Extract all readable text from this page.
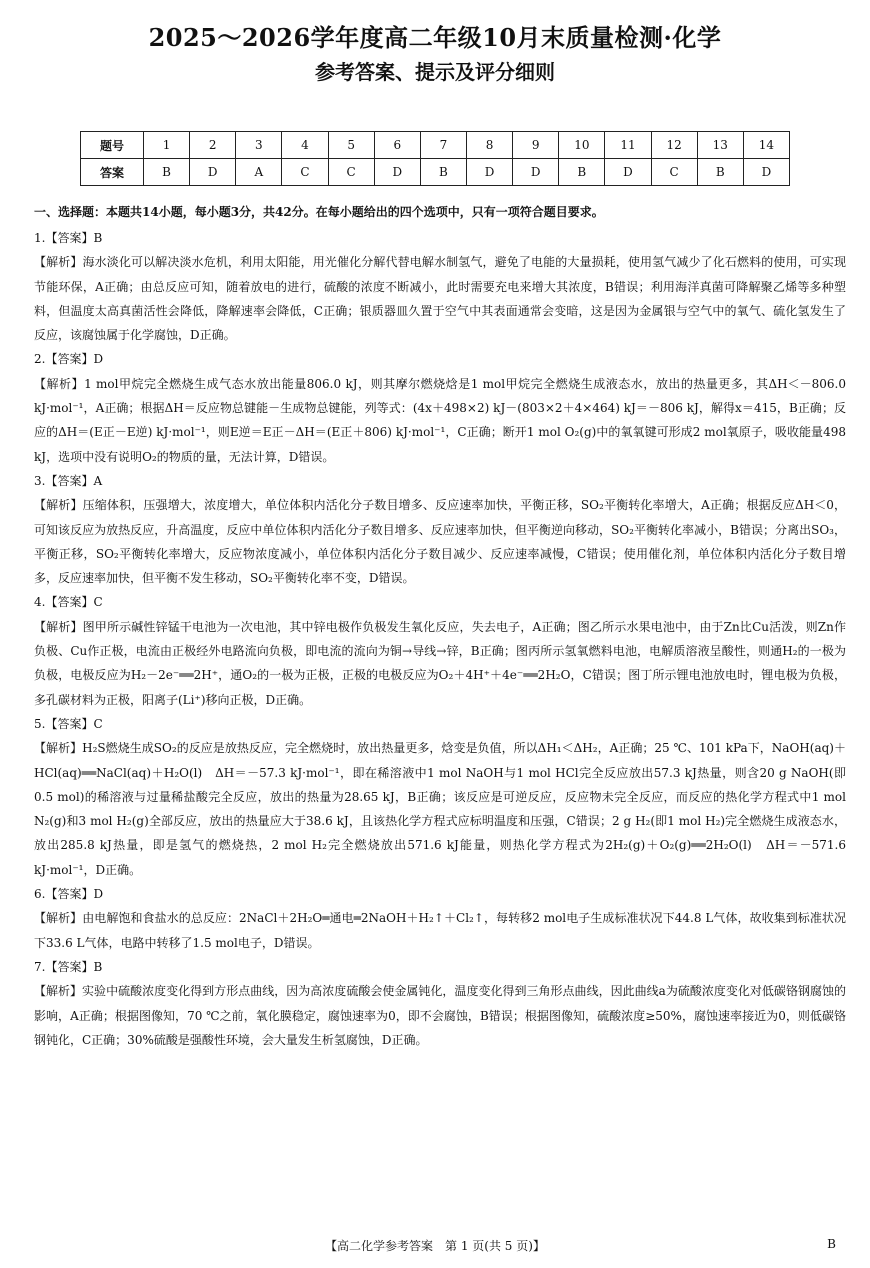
2025～2026学年度高二年级10月末质量检测·化学
参考答案、提示及评分细则
题号	1	2	3	4	5	6	7	8	9	10	11	12	13	14
答案	B	D	A	C	C	D	B	D	D	B	D	C	B	D
一、选择题：本题共14小题，每小题3分，共42分。在每小题给出的四个选项中，只有一项符合题目要求。
1.【答案】B
【解析】海水淡化可以解决淡水危机，利用太阳能，用光催化分解代替电解水制氢气，避免了电能的大量损耗，使用氢气减少了化石燃料的使用，可实现节能环保，A正确；由总反应可知，随着放电的进行，硫酸的浓度不断减小，此时需要充电来增大其浓度，B错误；利用海洋真菌可降解聚乙烯等多种塑料，但温度太高真菌活性会降低，降解速率会降低，C正确；银质器皿久置于空气中其表面通常会变暗，这是因为金属银与空气中的氧气、硫化氢发生了反应，该腐蚀属于化学腐蚀，D正确。
2.【答案】D
【解析】1 mol甲烷完全燃烧生成气态水放出能量806.0 kJ，则其摩尔燃烧焓是1 mol甲烷完全燃烧生成液态水，放出的热量更多，其ΔH＜－806.0 kJ·mol⁻¹，A正确；根据ΔH＝反应物总键能－生成物总键能，列等式：(4x＋498×2) kJ－(803×2＋4×464) kJ＝－806 kJ，解得x＝415，B正确；反应的ΔH＝(E正－E逆) kJ·mol⁻¹，则E逆＝E正－ΔH＝(E正＋806) kJ·mol⁻¹，C正确；断开1 mol O₂(g)中的氧氧键可形成2 mol氧原子，吸收能量498 kJ，选项中没有说明O₂的物质的量，无法计算，D错误。
3.【答案】A
【解析】压缩体积，压强增大，浓度增大，单位体积内活化分子数目增多、反应速率加快，平衡正移，SO₂平衡转化率增大，A正确；根据反应ΔH＜0，可知该反应为放热反应，升高温度，反应中单位体积内活化分子数目增多、反应速率加快，但平衡逆向移动，SO₂平衡转化率减小，B错误；分离出SO₃，平衡正移，SO₂平衡转化率增大，反应物浓度减小，单位体积内活化分子数目减少、反应速率减慢，C错误；使用催化剂，单位体积内活化分子数目增多，反应速率加快，但平衡不发生移动，SO₂平衡转化率不变，D错误。
4.【答案】C
【解析】图甲所示碱性锌锰干电池为一次电池，其中锌电极作负极发生氧化反应，失去电子，A正确；图乙所示水果电池中，由于Zn比Cu活泼，则Zn作负极、Cu作正极，电流由正极经外电路流向负极，即电流的流向为铜→导线→锌，B正确；图丙所示氢氧燃料电池，电解质溶液呈酸性，则通H₂的一极为负极，电极反应为H₂－2e⁻══2H⁺，通O₂的一极为正极，正极的电极反应为O₂＋4H⁺＋4e⁻══2H₂O，C错误；图丁所示锂电池放电时，锂电极为负极，多孔碳材料为正极，阳离子(Li⁺)移向正极，D正确。
5.【答案】C
【解析】H₂S燃烧生成SO₂的反应是放热反应，完全燃烧时，放出热量更多，焓变是负值，所以ΔH₁＜ΔH₂，A正确；25 ℃、101 kPa下，NaOH(aq)＋HCl(aq)══NaCl(aq)＋H₂O(l)　ΔH＝－57.3 kJ·mol⁻¹，即在稀溶液中1 mol NaOH与1 mol HCl完全反应放出57.3 kJ热量，则含20 g NaOH(即0.5 mol)的稀溶液与过量稀盐酸完全反应，放出的热量为28.65 kJ，B正确；该反应是可逆反应，反应物未完全反应，而反应的热化学方程式中1 mol N₂(g)和3 mol H₂(g)全部反应，放出的热量应大于38.6 kJ，且该热化学方程式应标明温度和压强，C错误；2 g H₂(即1 mol H₂)完全燃烧生成液态水，放出285.8 kJ热量，即是氢气的燃烧热，2 mol H₂完全燃烧放出571.6 kJ能量，则热化学方程式为2H₂(g)＋O₂(g)══2H₂O(l)　ΔH＝－571.6 kJ·mol⁻¹，D正确。
6.【答案】D
【解析】由电解饱和食盐水的总反应：2NaCl＋2H₂O═通电═2NaOH＋H₂↑＋Cl₂↑，每转移2 mol电子生成标准状况下44.8 L气体，故收集到标准状况下33.6 L气体，电路中转移了1.5 mol电子，D错误。
7.【答案】B
【解析】实验中硫酸浓度变化得到方形点曲线，因为高浓度硫酸会使金属钝化，温度变化得到三角形点曲线，因此曲线a为硫酸浓度变化对低碳铬钢腐蚀的影响，A正确；根据图像知，70 ℃之前，氧化膜稳定，腐蚀速率为0，即不会腐蚀，B错误；根据图像知，硫酸浓度≥50%，腐蚀速率接近为0，则低碳铬钢钝化，C正确；30%硫酸是强酸性环境，会大量发生析氢腐蚀，D正确。
【高二化学参考答案　第 1 页(共 5 页)】	B
